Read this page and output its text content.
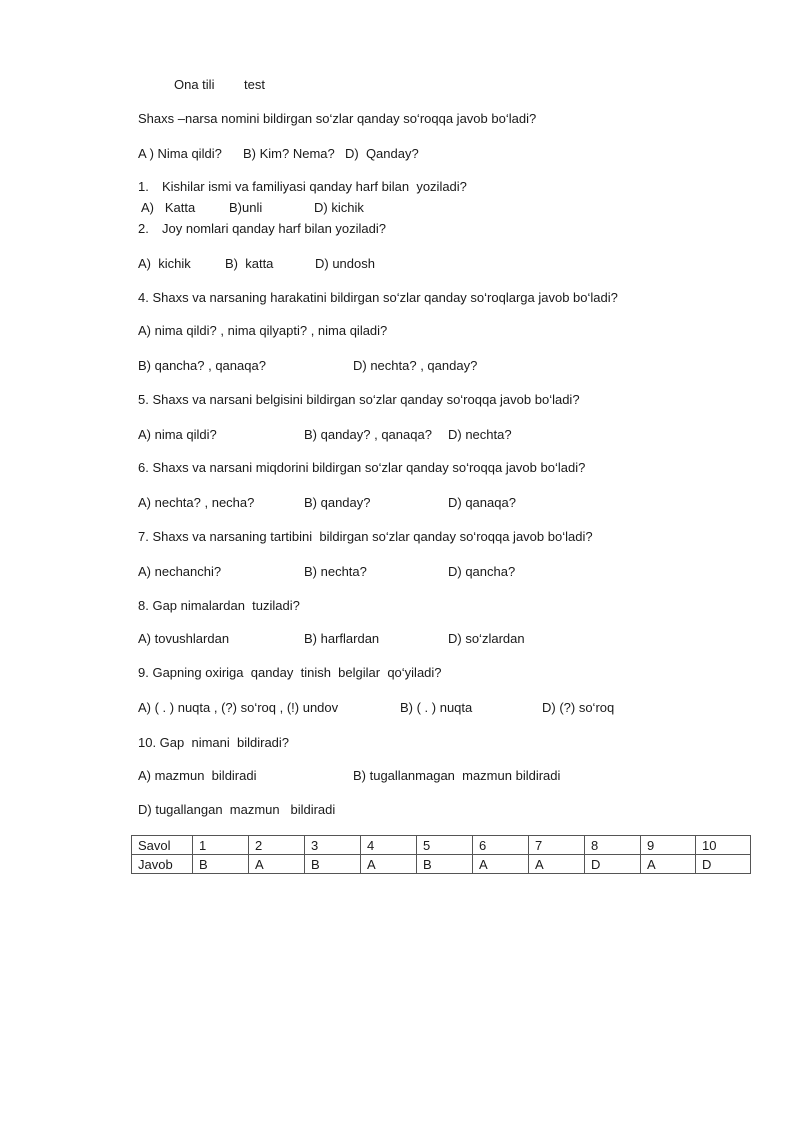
Ona tili test
Shaxs –narsa nomini bildirgan so‘zlar qanday so‘roqqa javob bo‘ladi?
A ) Nima qildi? B) Kim? Nema? D)  Qanday?
1. Kishilar ismi va familiyasi qanday harf bilan  yoziladi?
A)   Katta	B)unli	D) kichik
2. Joy nomlari qanday harf bilan yoziladi?
A)  kichik	B)  katta	D) undosh
4. Shaxs va narsaning harakatini bildirgan so‘zlar qanday so‘roqlarga javob bo‘ladi?
A) nima qildi? , nima qilyapti? , nima qiladi?
B) qancha? , qanaqa?	D) nechta? , qanday?
5. Shaxs va narsani belgisini bildirgan so‘zlar qanday so‘roqqa javob bo‘ladi?
A) nima qildi?	B) qanday? , qanaqa? D) nechta?
6. Shaxs va narsani miqdorini bildirgan so‘zlar qanday so‘roqqa javob bo‘ladi?
A) nechta? , necha?	B) qanday?	D) qanaqa?
7. Shaxs va narsaning tartibini  bildirgan so‘zlar qanday so‘roqqa javob bo‘ladi?
A) nechanchi?	B) nechta?	D) qancha?
8. Gap nimalardan  tuziladi?
A) tovushlardan	B) harflardan	D) so‘zlardan
9. Gapning oxiriga  qanday  tinish  belgilar  qo‘yiladi?
A) ( . ) nuqta , (?) so‘roq , (!) undov	B) ( . ) nuqta	D) (?) so‘roq
10. Gap  nimani  bildiradi?
A) mazmun  bildiradi	B) tugallanmagan  mazmun bildiradi
D) tugallangan  mazmun   bildiradi
Savol	1	2	3	4	5	6	7	8	9	10
Javob	B	A	B	A	B	A	A	D	A	D
